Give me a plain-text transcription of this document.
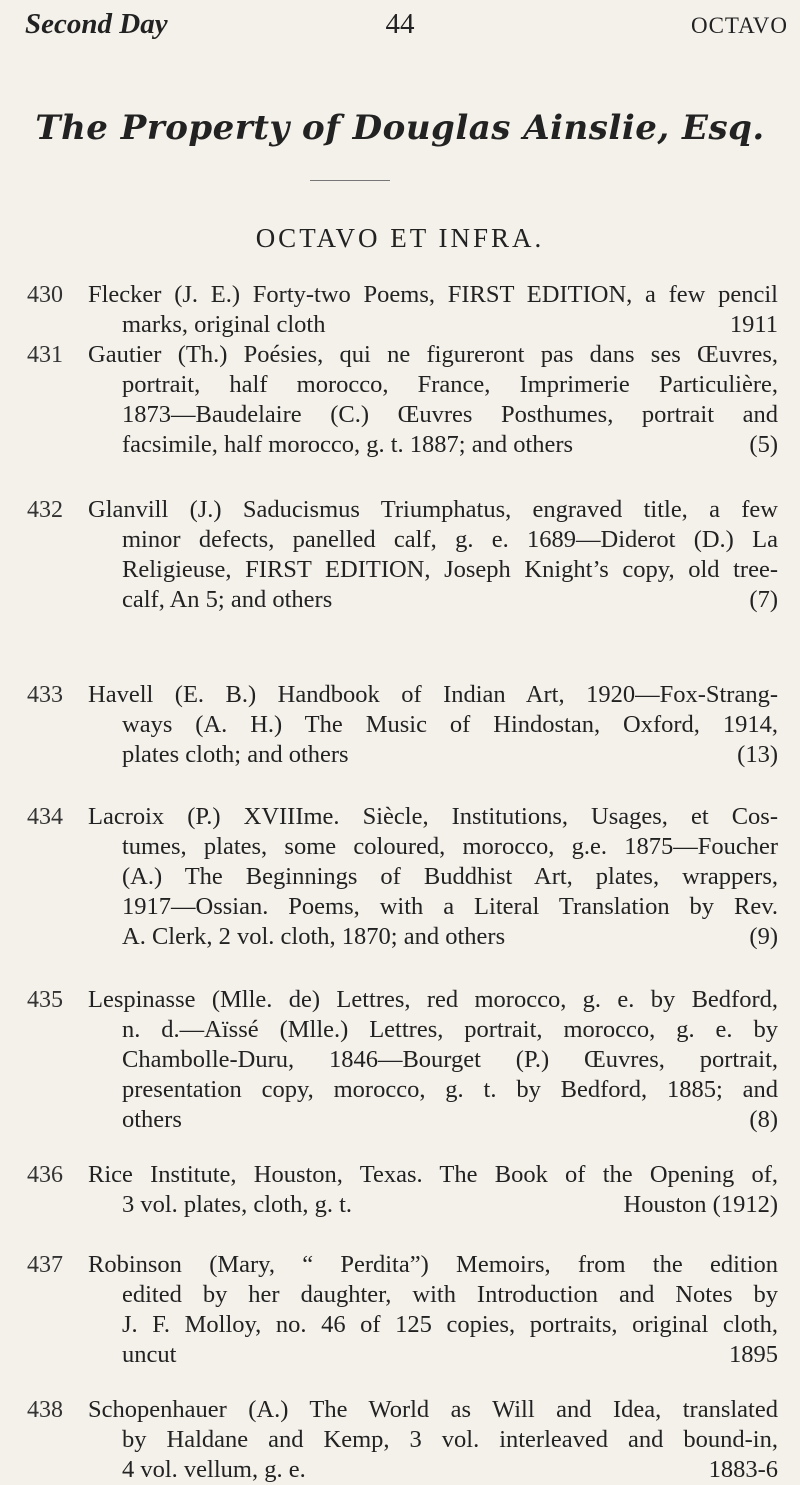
Second Day	44	OCTAVO
The Property of Douglas Ainslie, Esq.
OCTAVO ET INFRA.
430 Flecker (J. E.) Forty-two Poems, FIRST EDITION, a few pencil
1911
marks, original cloth
431 Gautier (Th.) Poésies, qui ne figureront pas dans ses Œuvres,
portrait, half morocco, France, Imprimerie Particulière,
1873—Baudelaire (C.) Œuvres Posthumes, portrait and
(5)
facsimile, half morocco, g. t. 1887; and others
432 Glanvill (J.) Saducismus Triumphatus, engraved title, a few
minor defects, panelled calf, g. e. 1689—Diderot (D.) La
Religieuse, FIRST EDITION, Joseph Knight’s copy, old tree-
(7)
calf, An 5; and others
433 Havell (E. B.) Handbook of Indian Art, 1920—Fox-Strang-
ways (A. H.) The Music of Hindostan, Oxford, 1914,
(13)
plates cloth; and others
434 Lacroix (P.) XVIIIme. Siècle, Institutions, Usages, et Cos-
tumes, plates, some coloured, morocco, g.e. 1875—Foucher
(A.) The Beginnings of Buddhist Art, plates, wrappers,
1917—Ossian. Poems, with a Literal Translation by Rev.
(9)
A. Clerk, 2 vol. cloth, 1870; and others
435 Lespinasse (Mlle. de) Lettres, red morocco, g. e. by Bedford,
n. d.—Aïssé (Mlle.) Lettres, portrait, morocco, g. e. by
Chambolle-Duru, 1846—Bourget (P.) Œuvres, portrait,
presentation copy, morocco, g. t. by Bedford, 1885; and
(8)
others
436 Rice Institute, Houston, Texas. The Book of the Opening of,
Houston (1912)
3 vol. plates, cloth, g. t.
437 Robinson (Mary, “ Perdita”) Memoirs, from the edition
edited by her daughter, with Introduction and Notes by
J. F. Molloy, no. 46 of 125 copies, portraits, original cloth,
1895
uncut
438 Schopenhauer (A.) The World as Will and Idea, translated
by Haldane and Kemp, 3 vol. interleaved and bound-in,
1883-6
4 vol. vellum, g. e.
